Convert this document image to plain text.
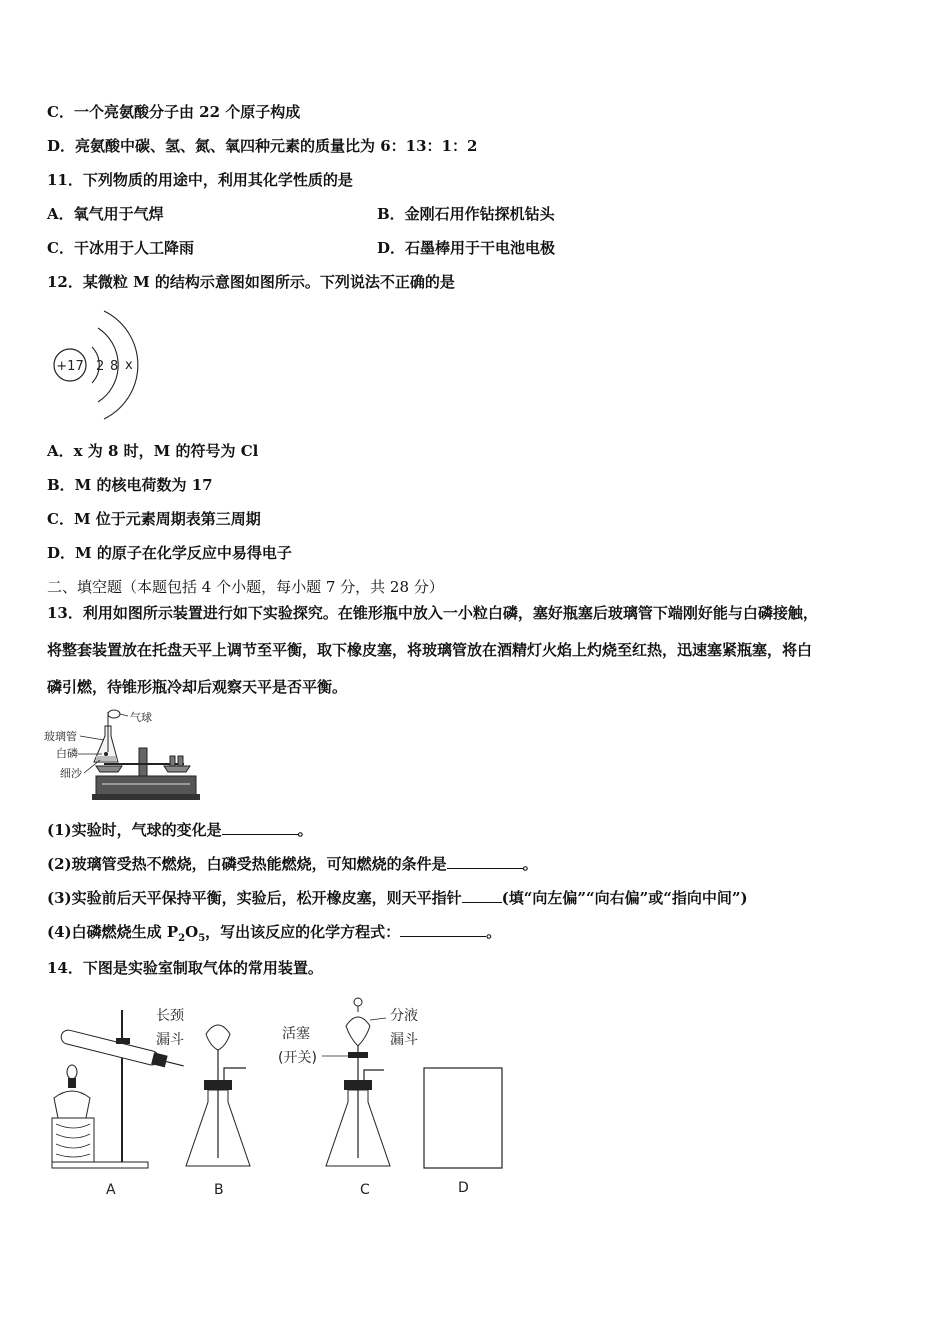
C．一个亮氨酸分子由 22 个原子构成
D．亮氨酸中碳、氢、氮、氧四种元素的质量比为 6：13：1：2
11．下列物质的用途中，利用其化学性质的是
A．氧气用于气焊	B．金刚石用作钻探机钻头
C．干冰用于人工降雨	D．石墨棒用于干电池电极
12．某微粒 M 的结构示意图如图所示。下列说法不正确的是
+17 2 8 x
A．x 为 8 时，M 的符号为 Cl
B．M 的核电荷数为 17
C．M 位于元素周期表第三周期
D．M 的原子在化学反应中易得电子
二、填空题（本题包括 4 个小题，每小题 7 分，共 28 分）
13．利用如图所示装置进行如下实验探究。在锥形瓶中放入一小粒白磷，塞好瓶塞后玻璃管下端刚好能与白磷接触，
将整套装置放在托盘天平上调节至平衡，取下橡皮塞，将玻璃管放在酒精灯火焰上灼烧至红热，迅速塞紧瓶塞，将白
磷引燃，待锥形瓶冷却后观察天平是否平衡。
气球
玻璃管
白磷
细沙
(1)实验时，气球的变化是	。
(2)玻璃管受热不燃烧，白磷受热能燃烧，可知燃烧的条件是	。
(3)实验前后天平保持平衡，实验后，松开橡皮塞，则天平指针	(填“向左偏”“向右偏”或“指向中间”)
(4)白磷燃烧生成 $P_2O_5$，写出该反应的化学方程式：	。
14．下图是实验室制取气体的常用装置。
A
长颈
漏斗
B
活塞
(开关)
分液
漏斗
C	D
